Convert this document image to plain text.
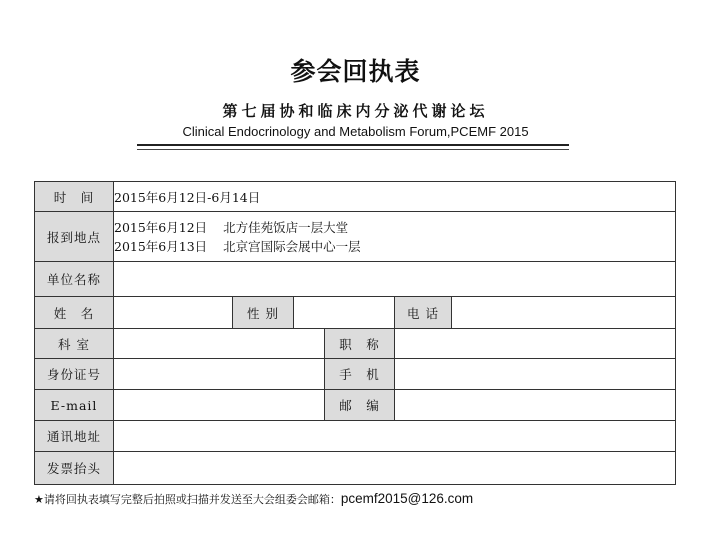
参会回执表
第七届协和临床内分泌代谢论坛
Clinical Endocrinology and Metabolism Forum,PCEMF 2015
时　间	2015年6月12日-6月14日					
报到地点	2015年6月12日 北方佳苑饭店一层大堂
2015年6月13日 北京宫国际会展中心一层					

单位名称						
姓　名		性 别			电 话	
科 室				职　称		
身份证号				手　机		
E-mail				邮　编		
通讯地址						
发票抬头						
★请将回执表填写完整后拍照或扫描并发送至大会组委会邮箱：pcemf2015@126.com
